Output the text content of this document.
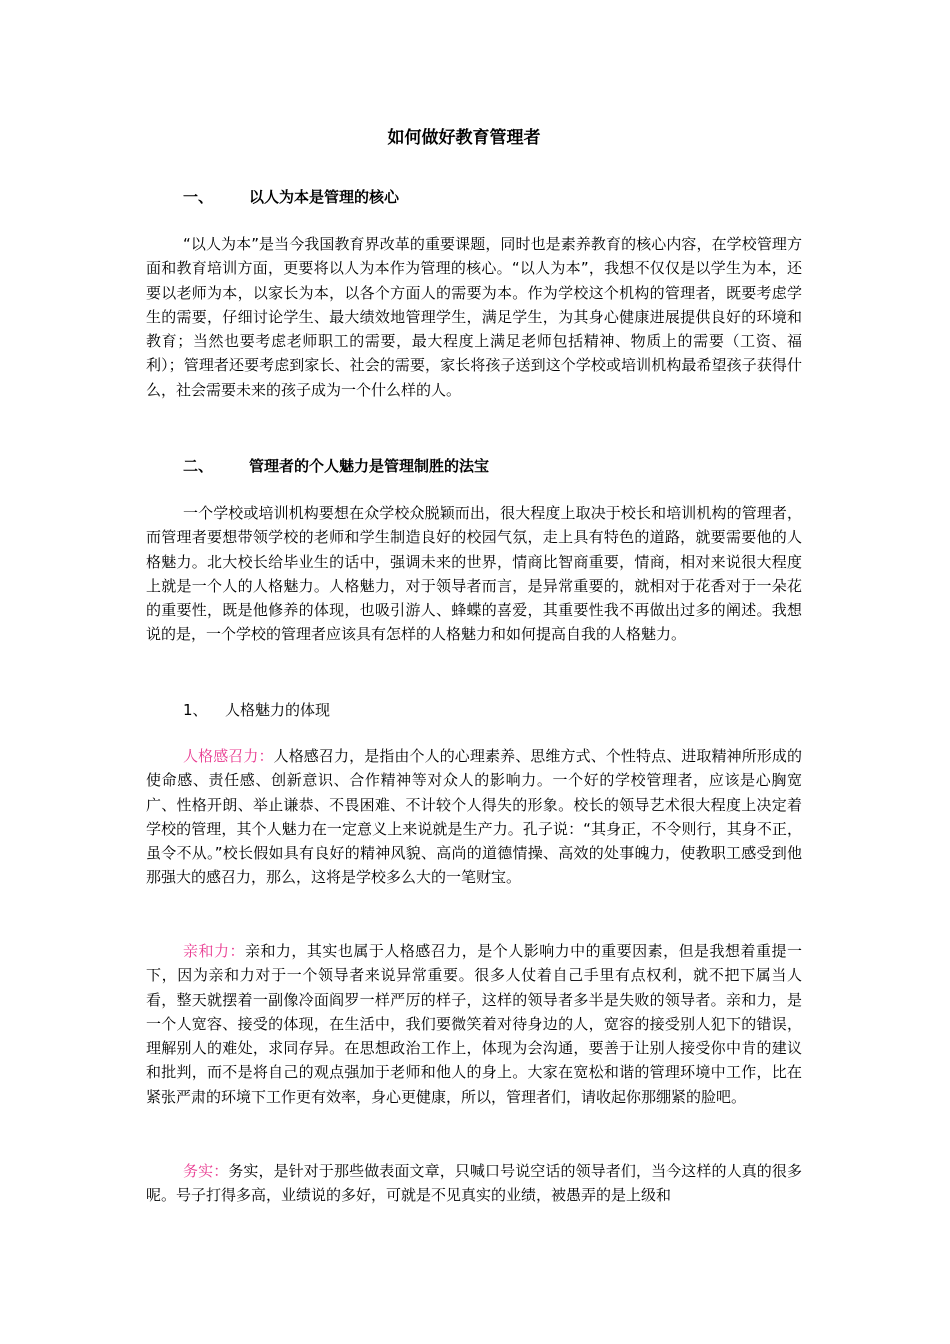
如何做好教育管理者
一、 以人为本是管理的核心

“以人为本”是当今我国教育界改革的重要课题，同时也是素养教育的核心内容，在学校管理方面和教育培训方面，更要将以人为本作为管理的核心。“以人为本”，我想不仅仅是以学生为本，还要以老师为本，以家长为本，以各个方面人的需要为本。作为学校这个机构的管理者，既要考虑学生的需要，仔细讨论学生、最大绩效地管理学生，满足学生，为其身心健康进展提供良好的环境和教育；当然也要考虑老师职工的需要，最大程度上满足老师包括精神、物质上的需要（工资、福利）；管理者还要考虑到家长、社会的需要，家长将孩子送到这个学校或培训机构最希望孩子获得什么，社会需要未来的孩子成为一个什么样的人。

二、 管理者的个人魅力是管理制胜的法宝

一个学校或培训机构要想在众学校众脱颖而出，很大程度上取决于校长和培训机构的管理者，而管理者要想带领学校的老师和学生制造良好的校园气氛，走上具有特色的道路，就要需要他的人格魅力。北大校长给毕业生的话中，强调未来的世界，情商比智商重要，情商，相对来说很大程度上就是一个人的人格魅力。人格魅力，对于领导者而言，是异常重要的，就相对于花香对于一朵花的重要性，既是他修养的体现，也吸引游人、蜂蝶的喜爱，其重要性我不再做出过多的阐述。我想说的是，一个学校的管理者应该具有怎样的人格魅力和如何提高自我的人格魅力。

1、 人格魅力的体现

人格感召力：人格感召力，是指由个人的心理素养、思维方式、个性特点、进取精神所形成的使命感、责任感、创新意识、合作精神等对众人的影响力。一个好的学校管理者，应该是心胸宽广、性格开朗、举止谦恭、不畏困难、不计较个人得失的形象。校长的领导艺术很大程度上决定着学校的管理，其个人魅力在一定意义上来说就是生产力。孔子说：“其身正，不令则行，其身不正，虽令不从。”校长假如具有良好的精神风貌、高尚的道德情操、高效的处事魄力，使教职工感受到他那强大的感召力，那么，这将是学校多么大的一笔财宝。

亲和力：亲和力，其实也属于人格感召力，是个人影响力中的重要因素，但是我想着重提一下，因为亲和力对于一个领导者来说异常重要。很多人仗着自己手里有点权利，就不把下属当人看，整天就摆着一副像冷面阎罗一样严厉的样子，这样的领导者多半是失败的领导者。亲和力，是一个人宽容、接受的体现，在生活中，我们要微笑着对待身边的人，宽容的接受别人犯下的错误，理解别人的难处，求同存异。在思想政治工作上，体现为会沟通，要善于让别人接受你中肯的建议和批判，而不是将自己的观点强加于老师和他人的身上。大家在宽松和谐的管理环境中工作，比在紧张严肃的环境下工作更有效率，身心更健康，所以，管理者们，请收起你那绷紧的脸吧。

务实：务实，是针对于那些做表面文章，只喊口号说空话的领导者们，当今这样的人真的很多呢。号子打得多高，业绩说的多好，可就是不见真实的业绩，被愚弄的是上级和
